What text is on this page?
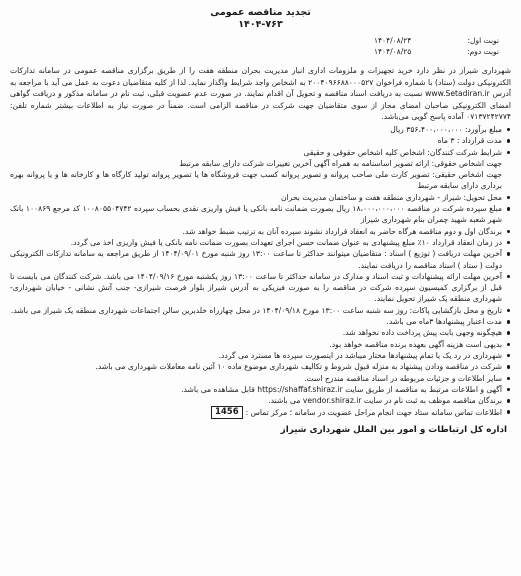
تجدید مناقصه عمومی
۱۴۰۴-۷۶۳
نوبت اول:
۱۴۰۴/۰۸/۲۴
نوبت دوم:
۱۴۰۴/۰۸/۲۵
شهرداری شیراز در نظر دارد خرید تجهیزات و ملزومات اداری انبار مدیریت بحران منطقه هفت را از طریق برگزاری مناقصه عمومی در سامانه تدارکات الکترونیکی دولت (ستاد) با شماره فراخوان ۲۰۰۴۰۹۶۶۸۸۰۰۰۵۲۷ به اشخاص واجد شرایط واگذار نماید. لذا از کلیه متقاضیان دعوت به عمل می آید با مراجعه به آدرس www.Setadiran.ir نسبت به دریافت اسناد مناقصه و تحویل آن اقدام نمایند. در صورت عدم عضویت قبلی، ثبت نام در سامانه مذکور و دریافت گواهی امضای الکترونیکی صاحبان امضای مجاز از سوی متقاضیان جهت شرکت در مناقصه الزامی است. ضمناً در صورت نیاز به اطلاعات بیشتر شماره تلفن: ۰۷۱۳۷۲۴۲۷۷۴ آماده پاسخ گویی می‌باشد.
مبلغ برآورد: ۳۵۶،۴۰۰،۰۰۰،۰۰۰ ریال
مدت قرارداد : ۳ ماه
شرایط شرکت کنندگان: اشخاص کلیه اشخاص حقوقی و حقیقی
جهت اشخاص حقوقی: ارائه تصویر اساسنامه به همراه آگهی آخرین تغییرات شرکت دارای سابقه مرتبط
جهت اشخاص حقیقی: تصویر کارت ملی صاحب پروانه و تصویر پروانه کسب جهت فروشگاه ها یا تصویر پروانه تولید کارگاه ها و کارخانه ها و یا پروانه بهره برداری دارای سابقه مرتبط
محل تحویل: شیراز - شهرداری منطقه هفت و ساختمان مدیریت بحران
مبلغ سپرده شرکت در مناقصه ۱۸،۰۰۰،۰۰۰،۰۰۰ ریال بصورت ضمانت نامه بانکی یا فیش واریزی نقدی بحساب سپرده ۱۰۰۸۰۵۵۰۴۷۴۲ کد مرجع ۱۰۰۸۶۹ بانک شهر شعبه شهید چمران بنام شهرداری شیراز
برندگان اول و دوم مناقصه هرگاه حاضر به انعقاد قرارداد نشوند سپرده آنان به ترتیب ضبط خواهد شد.
در زمان انعقاد قرارداد ۱۰٪ مبلغ پیشنهادی به عنوان ضمانت حسن اجرای تعهدات بصورت ضمانت نامه بانکی یا فیش واریزی اخذ می گردد.
آخرین مهلت دریافت ( توزیع ) اسناد : متقاضیان میتوانند حداکثر تا ساعت ۱۳:۰۰ روز شنبه مورخ ۱۴۰۴/۰۹/۰۱ از طریق مراجعه به سامانه تدارکات الکترونیکی دولت ( ستاد ) اسناد مناقصه را دریافت نمایند.
آخرین مهلت ارائه پیشنهادات و ثبت اسناد و مدارک در سامانه حداکثر تا ساعت ۱۳:۰۰ روز یکشنبه مورخ ۱۴۰۴/۰۹/۱۶ می باشد. شرکت کنندگان می بایست تا قبل از برگزاری کمیسیون سپرده شرکت در مناقصه را به صورت فیزیکی به آدرس شیراز بلوار فرصت شیرازی- جنب آتش نشانی - خیابان شهرداری-شهرداری منطقه یک شیراز تحویل نمایند.
تاریخ و محل بازگشایی پاکات: روز سه شنبه ساعت ۱۳:۰۰ مورخ ۱۴۰۴/۰۹/۱۸ در محل چهارراه خلدبرین سالن اجتماعات شهرداری منطقه یک شیراز می باشد.
مدت اعتبار پیشنهادها ۳ماه می باشد.
هیچگونه وجهی بابت پیش پرداخت داده نخواهد شد.
بدیهی است هزینه آگهی بعهده برنده مناقصه خواهد بود.
شهرداری در رد یک یا تمام پیشنهادها مختار میباشد در اینصورت سپرده ها مسترد می گردد.
شرکت در مناقصه ودادن پیشنهاد به منزله قبول شروط و تکالیف شهرداری موضوع ماده ۱۰ آئین نامه معاملات شهرداری می باشد.
سایر اطلاعات و جزئیات مربوطه در اسناد مناقصه مندرج است.
آگهی و اطلاعات مرتبط به مناقصه از طریق سایت https://shaffaf.shiraz.ir قابل مشاهده می باشد.
برندگان مناقصه موظف به ثبت نام در سایت vendor.shiraz.ir می باشند.
اطلاعات تماس سامانه ستاد جهت انجام مراحل عضویت در سامانه ؛ مرکز تماس :
1456
اداره کل ارتباطات و امور بین الملل شهرداری شیراز
